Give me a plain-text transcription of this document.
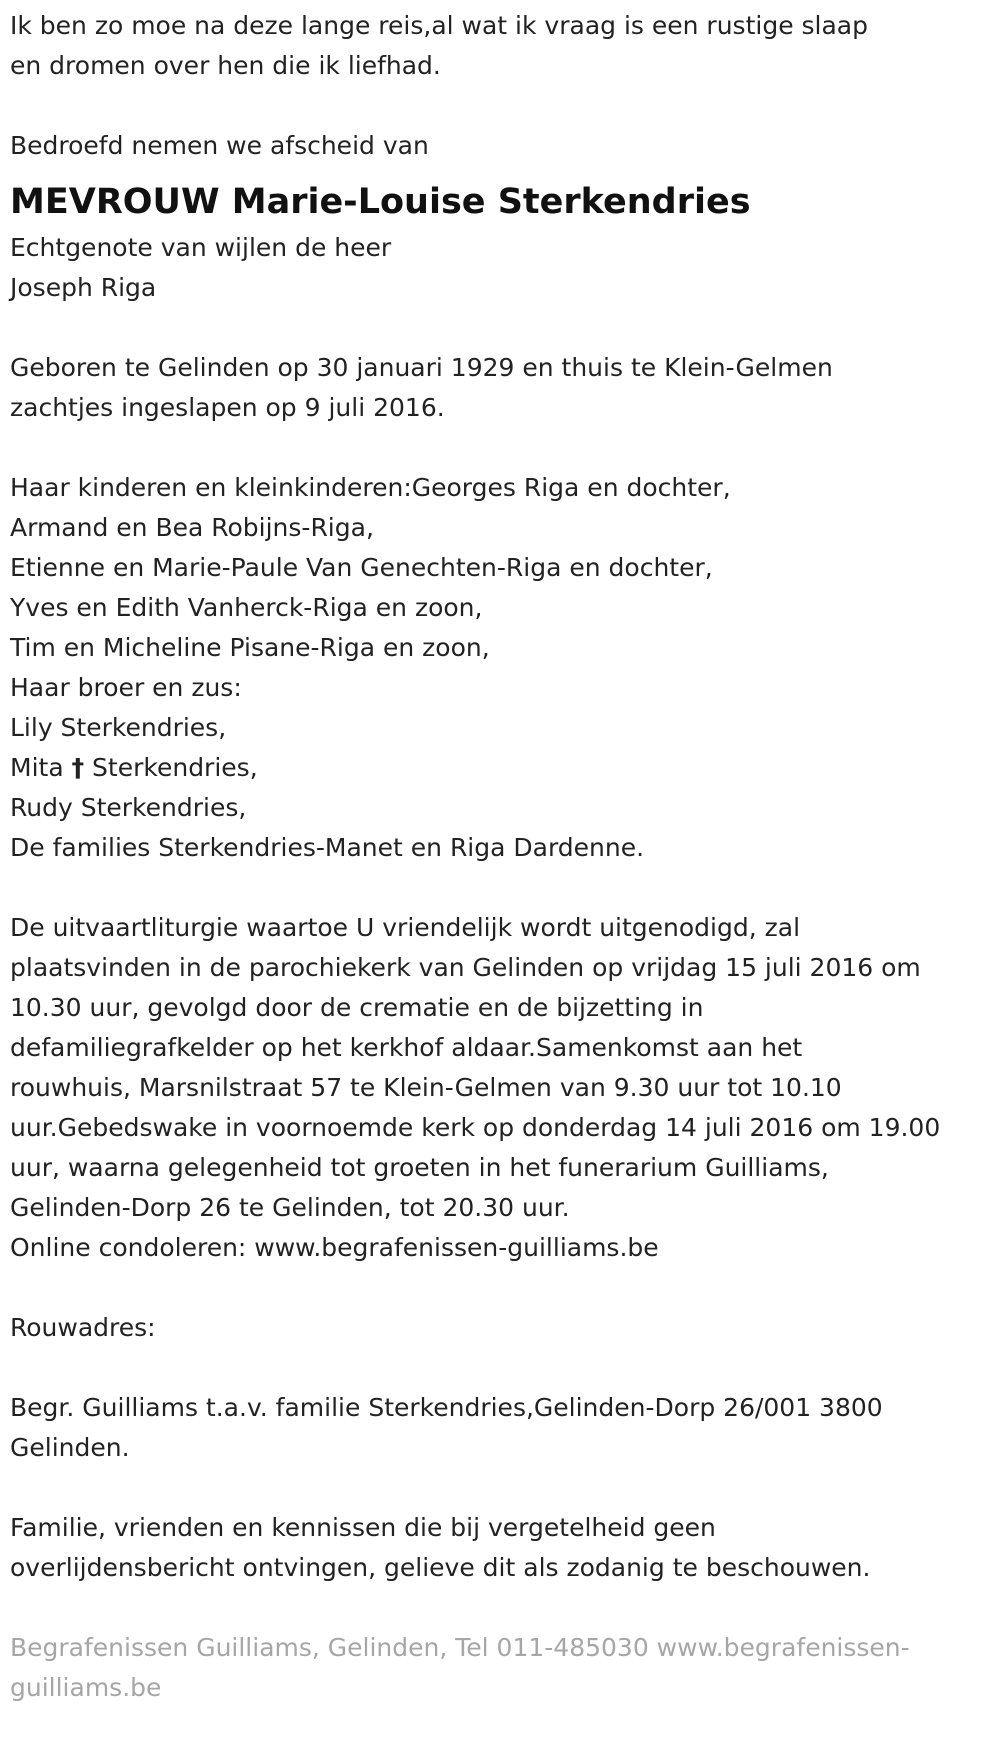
Ik ben zo moe na deze lange reis,al wat ik vraag is een rustige slaap
en dromen over hen die ik liefhad.
Bedroefd nemen we afscheid van
MEVROUW Marie-Louise Sterkendries
Echtgenote van wijlen de heer
Joseph Riga
Geboren te Gelinden op 30 januari 1929 en thuis te Klein-Gelmen
zachtjes ingeslapen op 9 juli 2016.
Haar kinderen en kleinkinderen:Georges Riga en dochter,
Armand en Bea Robijns-Riga,
Etienne en Marie-Paule Van Genechten-Riga en dochter,
Yves en Edith Vanherck-Riga en zoon,
Tim en Micheline Pisane-Riga en zoon,
Haar broer en zus:
Lily Sterkendries,
Mita † Sterkendries,
Rudy Sterkendries,
De families Sterkendries-Manet en Riga Dardenne.
De uitvaartliturgie waartoe U vriendelijk wordt uitgenodigd, zal
plaatsvinden in de parochiekerk van Gelinden op vrijdag 15 juli 2016 om
10.30 uur, gevolgd door de crematie en de bijzetting in
defamiliegrafkelder op het kerkhof aldaar.Samenkomst aan het
rouwhuis, Marsnilstraat 57 te Klein-Gelmen van 9.30 uur tot 10.10
uur.Gebedswake in voornoemde kerk op donderdag 14 juli 2016 om 19.00
uur, waarna gelegenheid tot groeten in het funerarium Guilliams,
Gelinden-Dorp 26 te Gelinden, tot 20.30 uur.
Online condoleren: www.begrafenissen-guilliams.be
Rouwadres:
Begr. Guilliams t.a.v. familie Sterkendries,Gelinden-Dorp 26/001 3800
Gelinden.
Familie, vrienden en kennissen die bij vergetelheid geen
overlijdensbericht ontvingen, gelieve dit als zodanig te beschouwen.
Begrafenissen Guilliams, Gelinden, Tel 011-485030 www.begrafenissen-
guilliams.be
